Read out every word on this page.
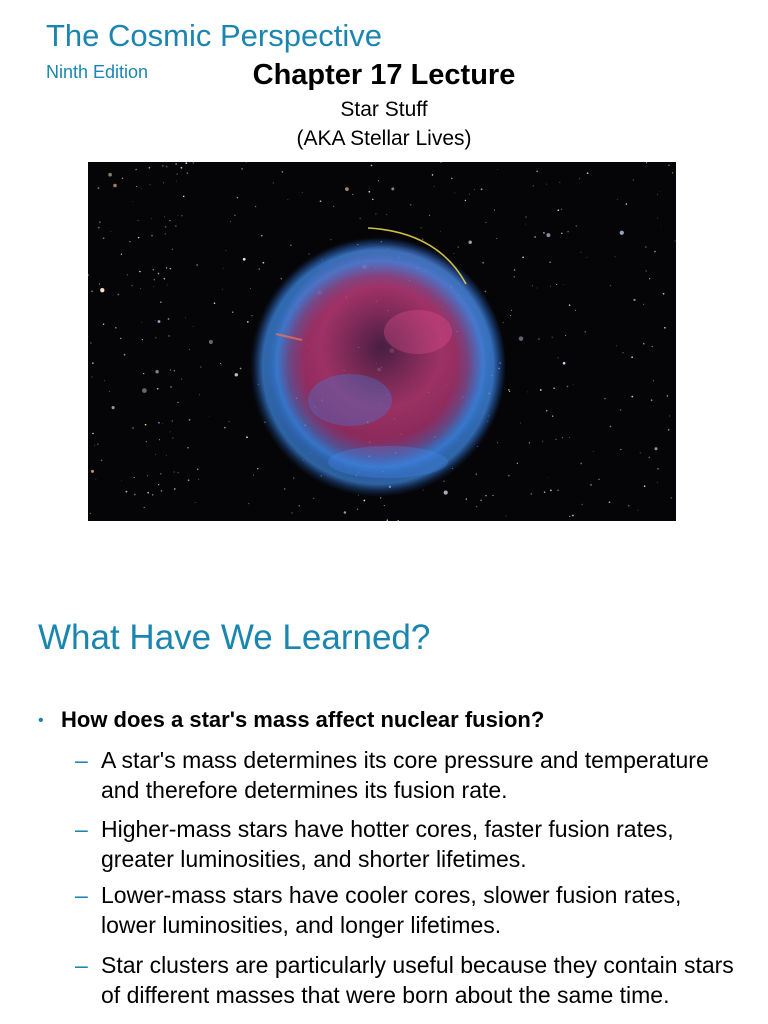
The Cosmic Perspective
Ninth Edition	Chapter 17 Lecture
Star Stuff
(AKA Stellar Lives)
What Have We Learned?
• How does a star's mass affect nuclear fusion?
– A star's mass determines its core pressure and temperature and therefore determines its fusion rate.
– Higher-mass stars have hotter cores, faster fusion rates, greater luminosities, and shorter lifetimes.
– Lower-mass stars have cooler cores, slower fusion rates, lower luminosities, and longer lifetimes.
– Star clusters are particularly useful because they contain stars of different masses that were born about the same time.
